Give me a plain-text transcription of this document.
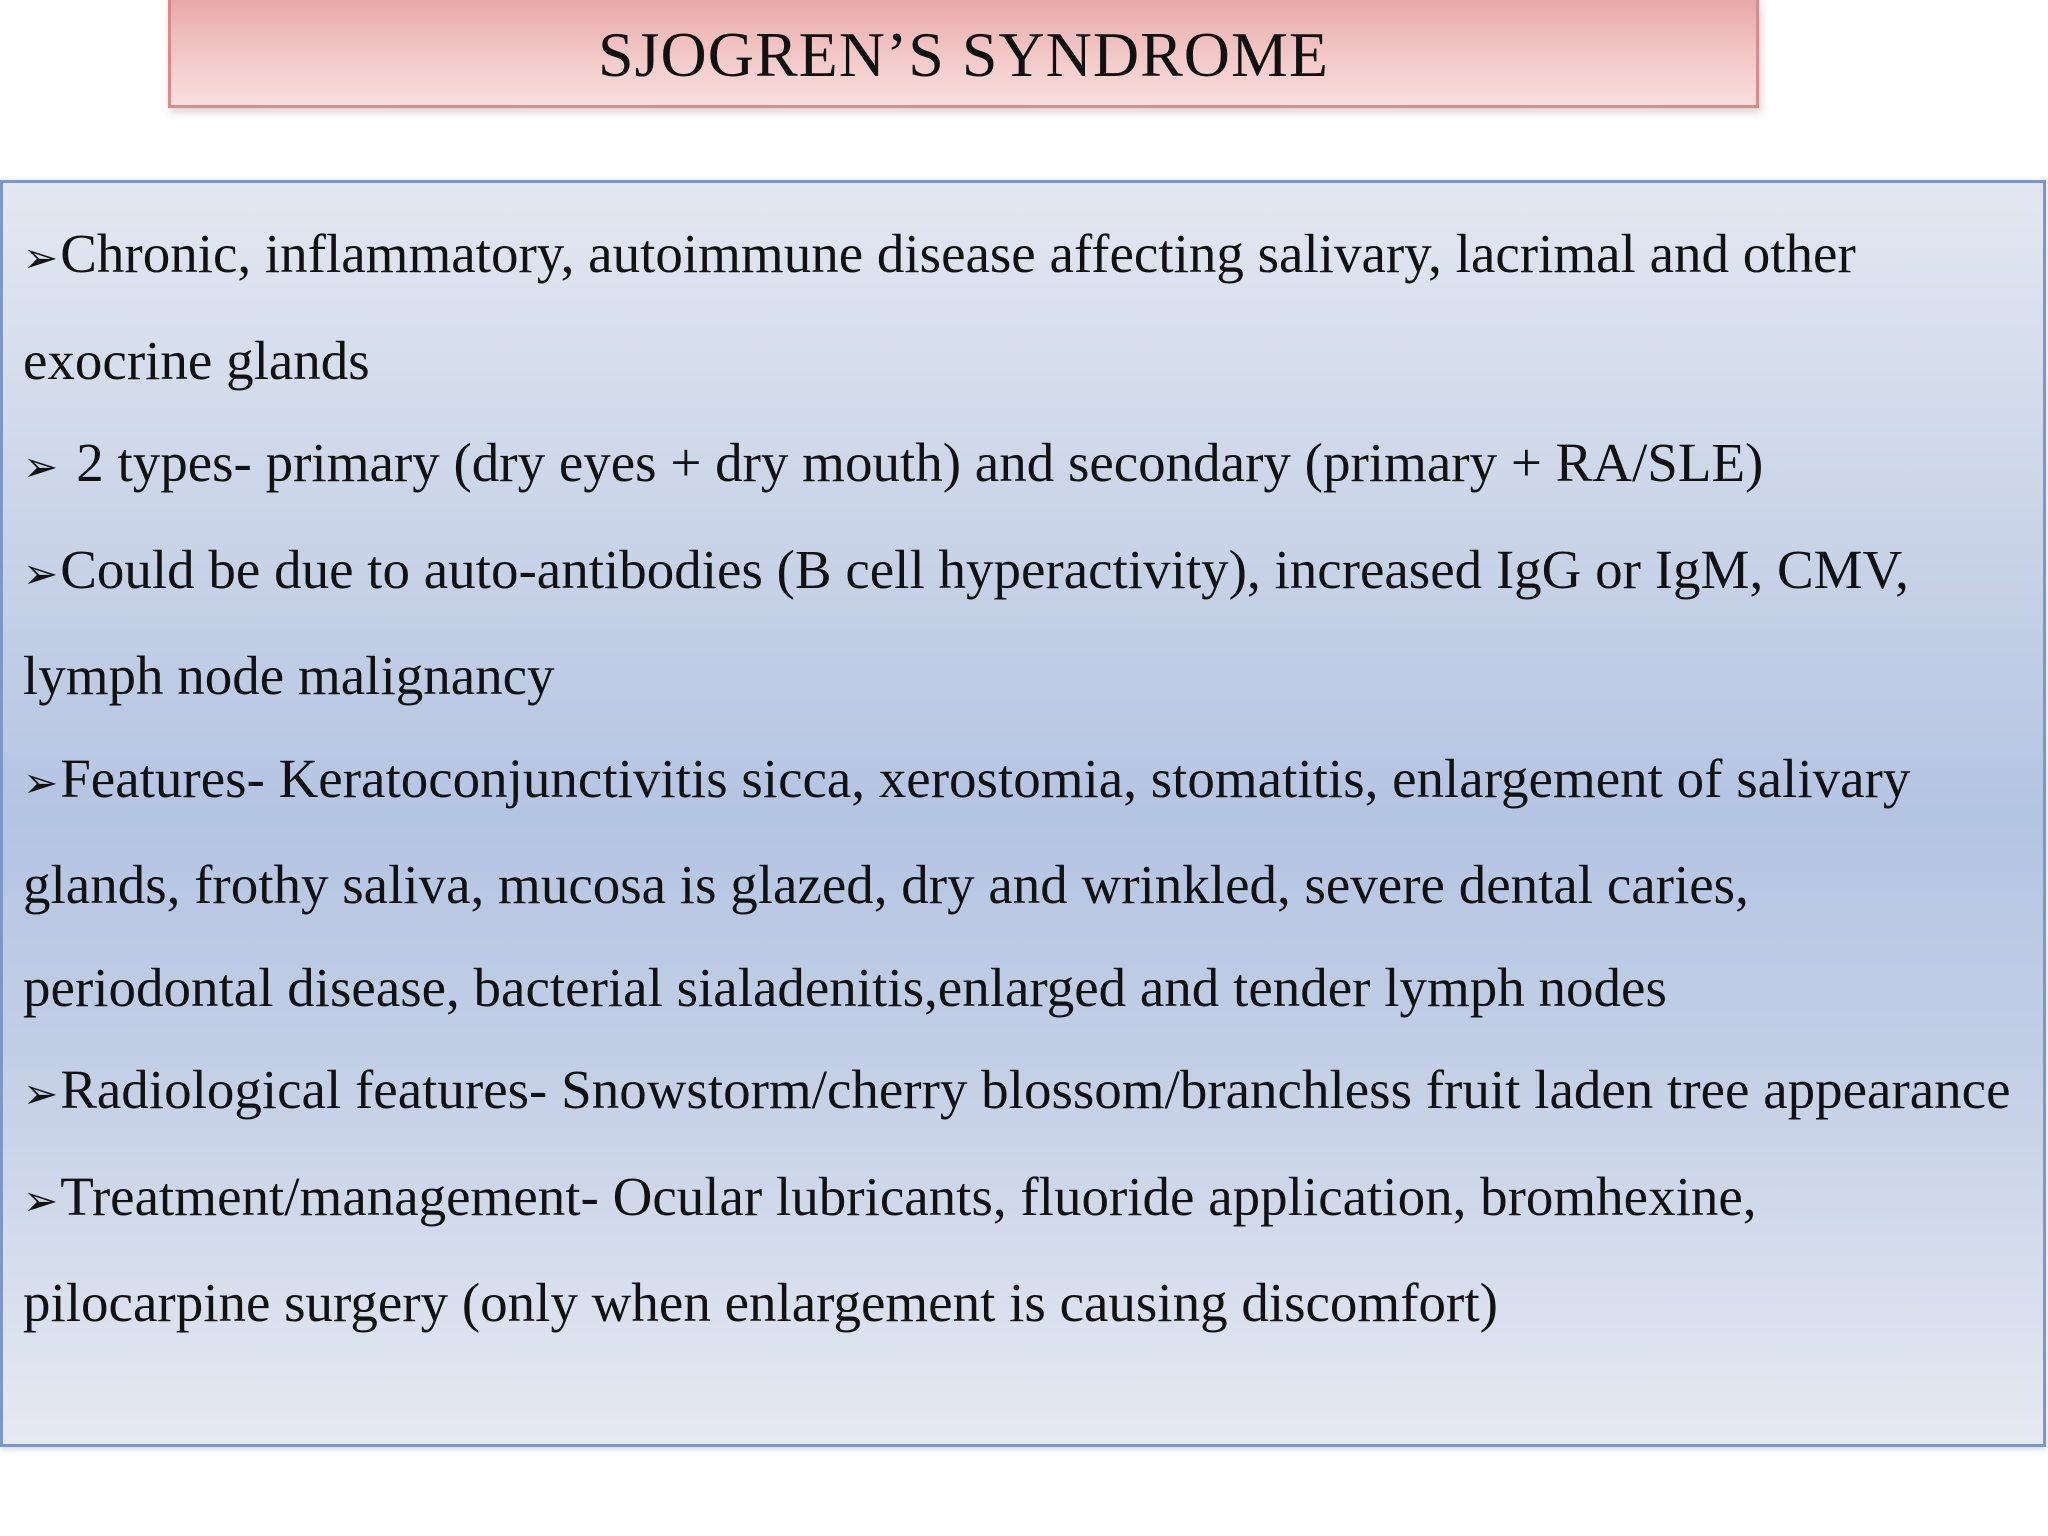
SJOGREN’S SYNDROME

➢Chronic, inflammatory, autoimmune disease affecting salivary, lacrimal and other exocrine glands

➢ 2 types- primary (dry eyes + dry mouth) and secondary (primary + RA/SLE)

➢Could be due to auto-antibodies (B cell hyperactivity), increased IgG or IgM, CMV, lymph node malignancy

➢Features- Keratoconjunctivitis sicca, xerostomia, stomatitis, enlargement of salivary glands, frothy saliva, mucosa is glazed, dry and wrinkled, severe dental caries, periodontal disease, bacterial sialadenitis,enlarged and tender lymph nodes

➢Radiological features- Snowstorm/cherry blossom/branchless fruit laden tree appearance

➢Treatment/management- Ocular lubricants, fluoride application, bromhexine, pilocarpine surgery (only when enlargement is causing discomfort)
